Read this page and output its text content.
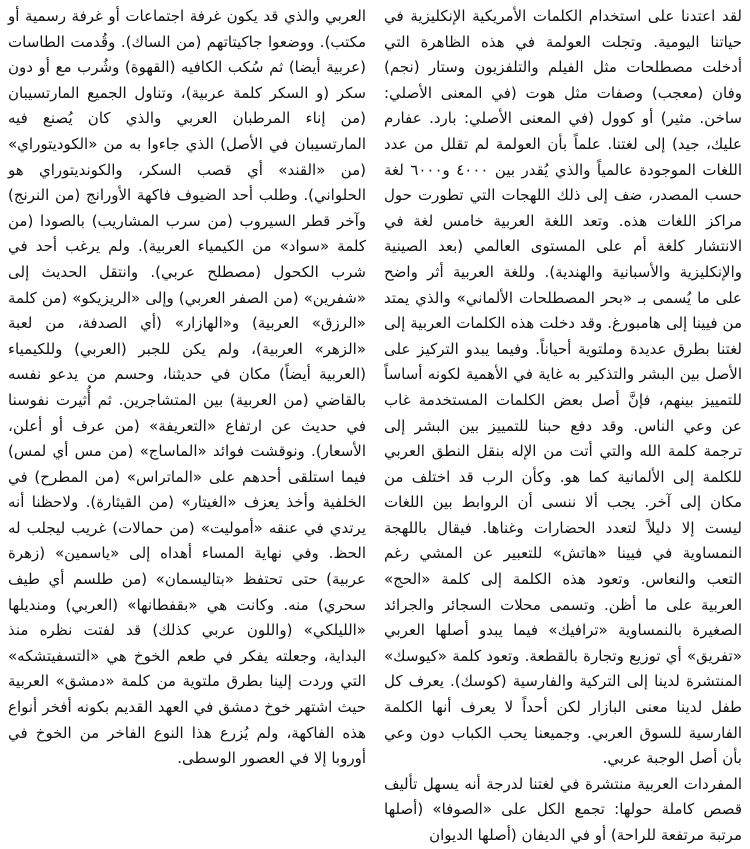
لقد اعتدنا على استخدام الكلمات الأمريكية الإنكليزية في حياتنا اليومية. وتجلت العولمة في هذه الظاهرة التي أدخلت مصطلحات مثل الفيلم والتلفزيون وستار (نجم) وفان (معجب) وصفات مثل هوت (في المعنى الأصلي: ساخن. مثير) أو كوول (في المعنى الأصلي: بارد. عفارم عليك، جيد) إلى لغتنا. علماً بأن العولمة لم تقلل من عدد اللغات الموجودة عالمياً والذي يُقدر بين ٤٠٠٠ و٦٠٠٠ لغة حسب المصدر، ضف إلى ذلك اللهجات التي تطورت حول مراكز اللغات هذه. وتعد اللغة العربية خامس لغة في الانتشار كلغة أم على المستوى العالمي (بعد الصينية والإنكليزية والأسبانية والهندية). وللغة العربية أثر واضح على ما يُسمى بـ «بحر المصطلحات الألماني» والذي يمتد من فيينا إلى هامبورغ. وقد دخلت هذه الكلمات العربية إلى لغتنا بطرق عديدة وملتوية أحياناً. وفيما يبدو التركيز على الأصل بين البشر والتذكير به غاية في الأهمية لكونه أساساً للتمييز بينهم، فإنَّ أصل بعض الكلمات المستخدمة غاب عن وعي الناس. وقد دفع حبنا للتمييز بين البشر إلى ترجمة كلمة الله والتي أتت من الإله بنقل النطق العربي للكلمة إلى الألمانية كما هو. وكأن الرب قد اختلف من مكان إلى آخر. يجب ألا ننسى أن الروابط بين اللغات ليست إلا دليلاً لتعدد الحضارات وغناها. فيقال باللهجة النمساوية في فيينا «هاتش» للتعبير عن المشي رغم التعب والنعاس. وتعود هذه الكلمة إلى كلمة «الحج» العربية على ما أظن. وتسمى محلات السجائر والجرائد الصغيرة بالنمساوية «ترافيك» فيما يبدو أصلها العربي «تفريق» أي توزيع وتجارة بالقطعة. وتعود كلمة «كيوسك» المنتشرة لدينا إلى التركية والفارسية (كوسك). يعرف كل طفل لدينا معنى البازار لكن أحداً لا يعرف أنها الكلمة الفارسية للسوق العربي. وجميعنا يحب الكباب دون وعي بأن أصل الوجبة عربي.

المفردات العربية منتشرة في لغتنا لدرجة أنه يسهل تأليف قصص كاملة حولها: تجمع الكل على «الصوفا» (أصلها مرتبة مرتفعة للراحة) أو في الديفان (أصلها الديوان

العربي والذي قد يكون غرفة اجتماعات أو غرفة رسمية أو مكتب). ووضعوا جاكيتاتهم (من الساك). وقُدمت الطاسات (عربية أيضا) ثم سُكب الكافيه (القهوة) وشُرب مع أو دون سكر (و السكر كلمة عربية)، وتناول الجميع المارتسيبان (من إناء المرطبان العربي والذي كان يُصنع فيه المارتسيبان في الأصل) الذي جاءوا به من «الكوديتوراي» (من «القند» أي قصب السكر، والكوندیتوراي هو الحلواني). وطلب أحد الضيوف فاكهة الأورانج (من النرنج) وآخر قطر السيروب (من سرب المشاريب) بالصودا (من كلمة «سواد» من الكيمياء العربية). ولم يرغب أحد في شرب الكحول (مصطلح عربي). وانتقل الحديث إلى «شفرين» (من الصفر العربي) وإلى «الريزيكو» (من كلمة «الرزق» العربية) و«الهازار» (أي الصدفة، من لعبة «الزهر» العربية)، ولم يكن للجبر (العربي) وللكيمياء (العربية أيضاً) مكان في حديثنا، وحسم من يدعو نفسه بالقاضي (من العربية) بين المتشاجرين. ثم أُثيرت نفوسنا في حديث عن ارتفاع «التعريفة» (من عرف أو أعلن، الأسعار). ونوقشت فوائد «الماساج» (من مس أي لمس) فيما استلقى أحدهم على «الماتراس» (من المطرح) في الخلفية وأخذ يعزف «الغيتار» (من القيثارة). ولاحظنا أنه يرتدي في عنقه «أموليت» (من حمالات) غريب ليجلب له الحظ. وفي نهاية المساء أهداه إلى «ياسمين» (زهرة عربية) حتى تحتفظ «بتاليسمان» (من طلسم أي طيف سحري) منه. وكانت هي «بقفطانها» (العربي) ومنديلها «الليلكي» (واللون عربي كذلك) قد لفتت نظره منذ البداية، وجعلته يفكر في طعم الخوخ هي «التسفيتشكه» التي وردت إلينا بطرق ملتوية من كلمة «دمشق» العربية حيث اشتهر خوخ دمشق في العهد القديم بكونه أفخر أنواع هذه الفاكهة، ولم يُزرع هذا النوع الفاخر من الخوخ في أوروبا إلا في العصور الوسطى.
